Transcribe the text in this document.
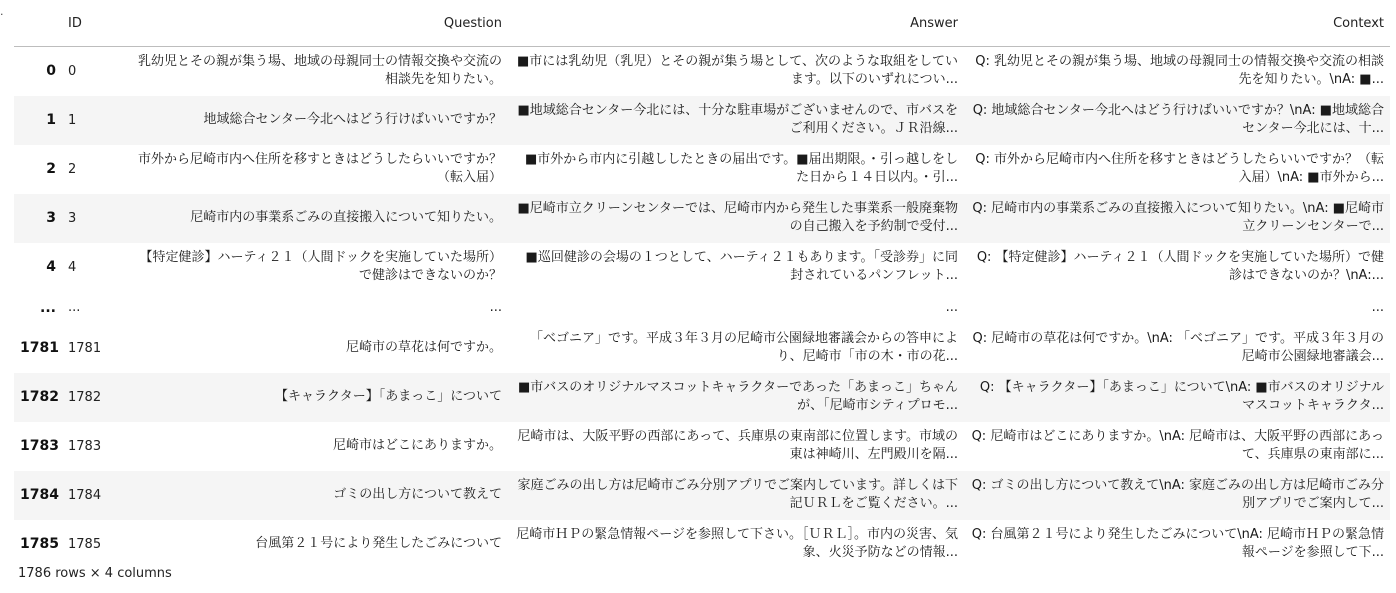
·
	ID	Question	Answer	Context
0	0	乳幼児とその親が集う場、地域の母親同士の情報交換や交流の相談先を知りたい。	■市には乳幼児（乳児）とその親が集う場として、次のような取組をしています。以下のいずれについ...	Q: 乳幼児とその親が集う場、地域の母親同士の情報交換や交流の相談先を知りたい。\nA: ■...

1	1	地域総合センター今北へはどう行けばいいですか？	■地域総合センター今北には、十分な駐車場がございませんので、市バスをご利用ください。ＪＲ沿線...	Q: 地域総合センター今北へはどう行けばいいですか？\nA: ■地域総合センター今北には、十...

2	2	市外から尼崎市内へ住所を移すときはどうしたらいいですか？（転入届）	■市外から市内に引越ししたときの届出です。■届出期限。・引っ越しをした日から１４日以内。・引...	Q: 市外から尼崎市内へ住所を移すときはどうしたらいいですか？（転入届）\nA: ■市外から...

3	3	尼崎市内の事業系ごみの直接搬入について知りたい。	■尼崎市立クリーンセンターでは、尼崎市内から発生した事業系一般廃棄物の自己搬入を予約制で受付...	Q: 尼崎市内の事業系ごみの直接搬入について知りたい。\nA: ■尼崎市立クリーンセンターで...

4	4	【特定健診】ハーティ２１（人間ドックを実施していた場所）で健診はできないのか？	■巡回健診の会場の１つとして、ハーティ２１もあります。「受診券」に同封されているパンフレット...	Q: 【特定健診】ハーティ２１（人間ドックを実施していた場所）で健診はできないのか？\nA:...

...	...	...	...	...

1781	1781	尼崎市の草花は何ですか。	「ベゴニア」です。平成３年３月の尼崎市公園緑地審議会からの答申により、尼崎市「市の木・市の花...	Q: 尼崎市の草花は何ですか。\nA: 「ベゴニア」です。平成３年３月の尼崎市公園緑地審議会...

1782	1782	【キャラクター】「あまっこ」について	■市バスのオリジナルマスコットキャラクターであった「あまっこ」ちゃんが、「尼崎市シティプロモ...	Q: 【キャラクター】「あまっこ」について\nA: ■市バスのオリジナルマスコットキャラクタ...

1783	1783	尼崎市はどこにありますか。	尼崎市は、大阪平野の西部にあって、兵庫県の東南部に位置します。市域の東は神崎川、左門殿川を隔...	Q: 尼崎市はどこにありますか。\nA: 尼崎市は、大阪平野の西部にあって、兵庫県の東南部に...

1784	1784	ゴミの出し方について教えて	家庭ごみの出し方は尼崎市ごみ分別アプリでご案内しています。詳しくは下記ＵＲＬをご覧ください。...	Q: ゴミの出し方について教えて\nA: 家庭ごみの出し方は尼崎市ごみ分別アプリでご案内して...

1785	1785	台風第２１号により発生したごみについて	尼崎市ＨＰの緊急情報ページを参照して下さい。［ＵＲＬ］。市内の災害、気象、火災予防などの情報...	Q: 台風第２１号により発生したごみについて\nA: 尼崎市ＨＰの緊急情報ページを参照して下...
1786 rows × 4 columns
